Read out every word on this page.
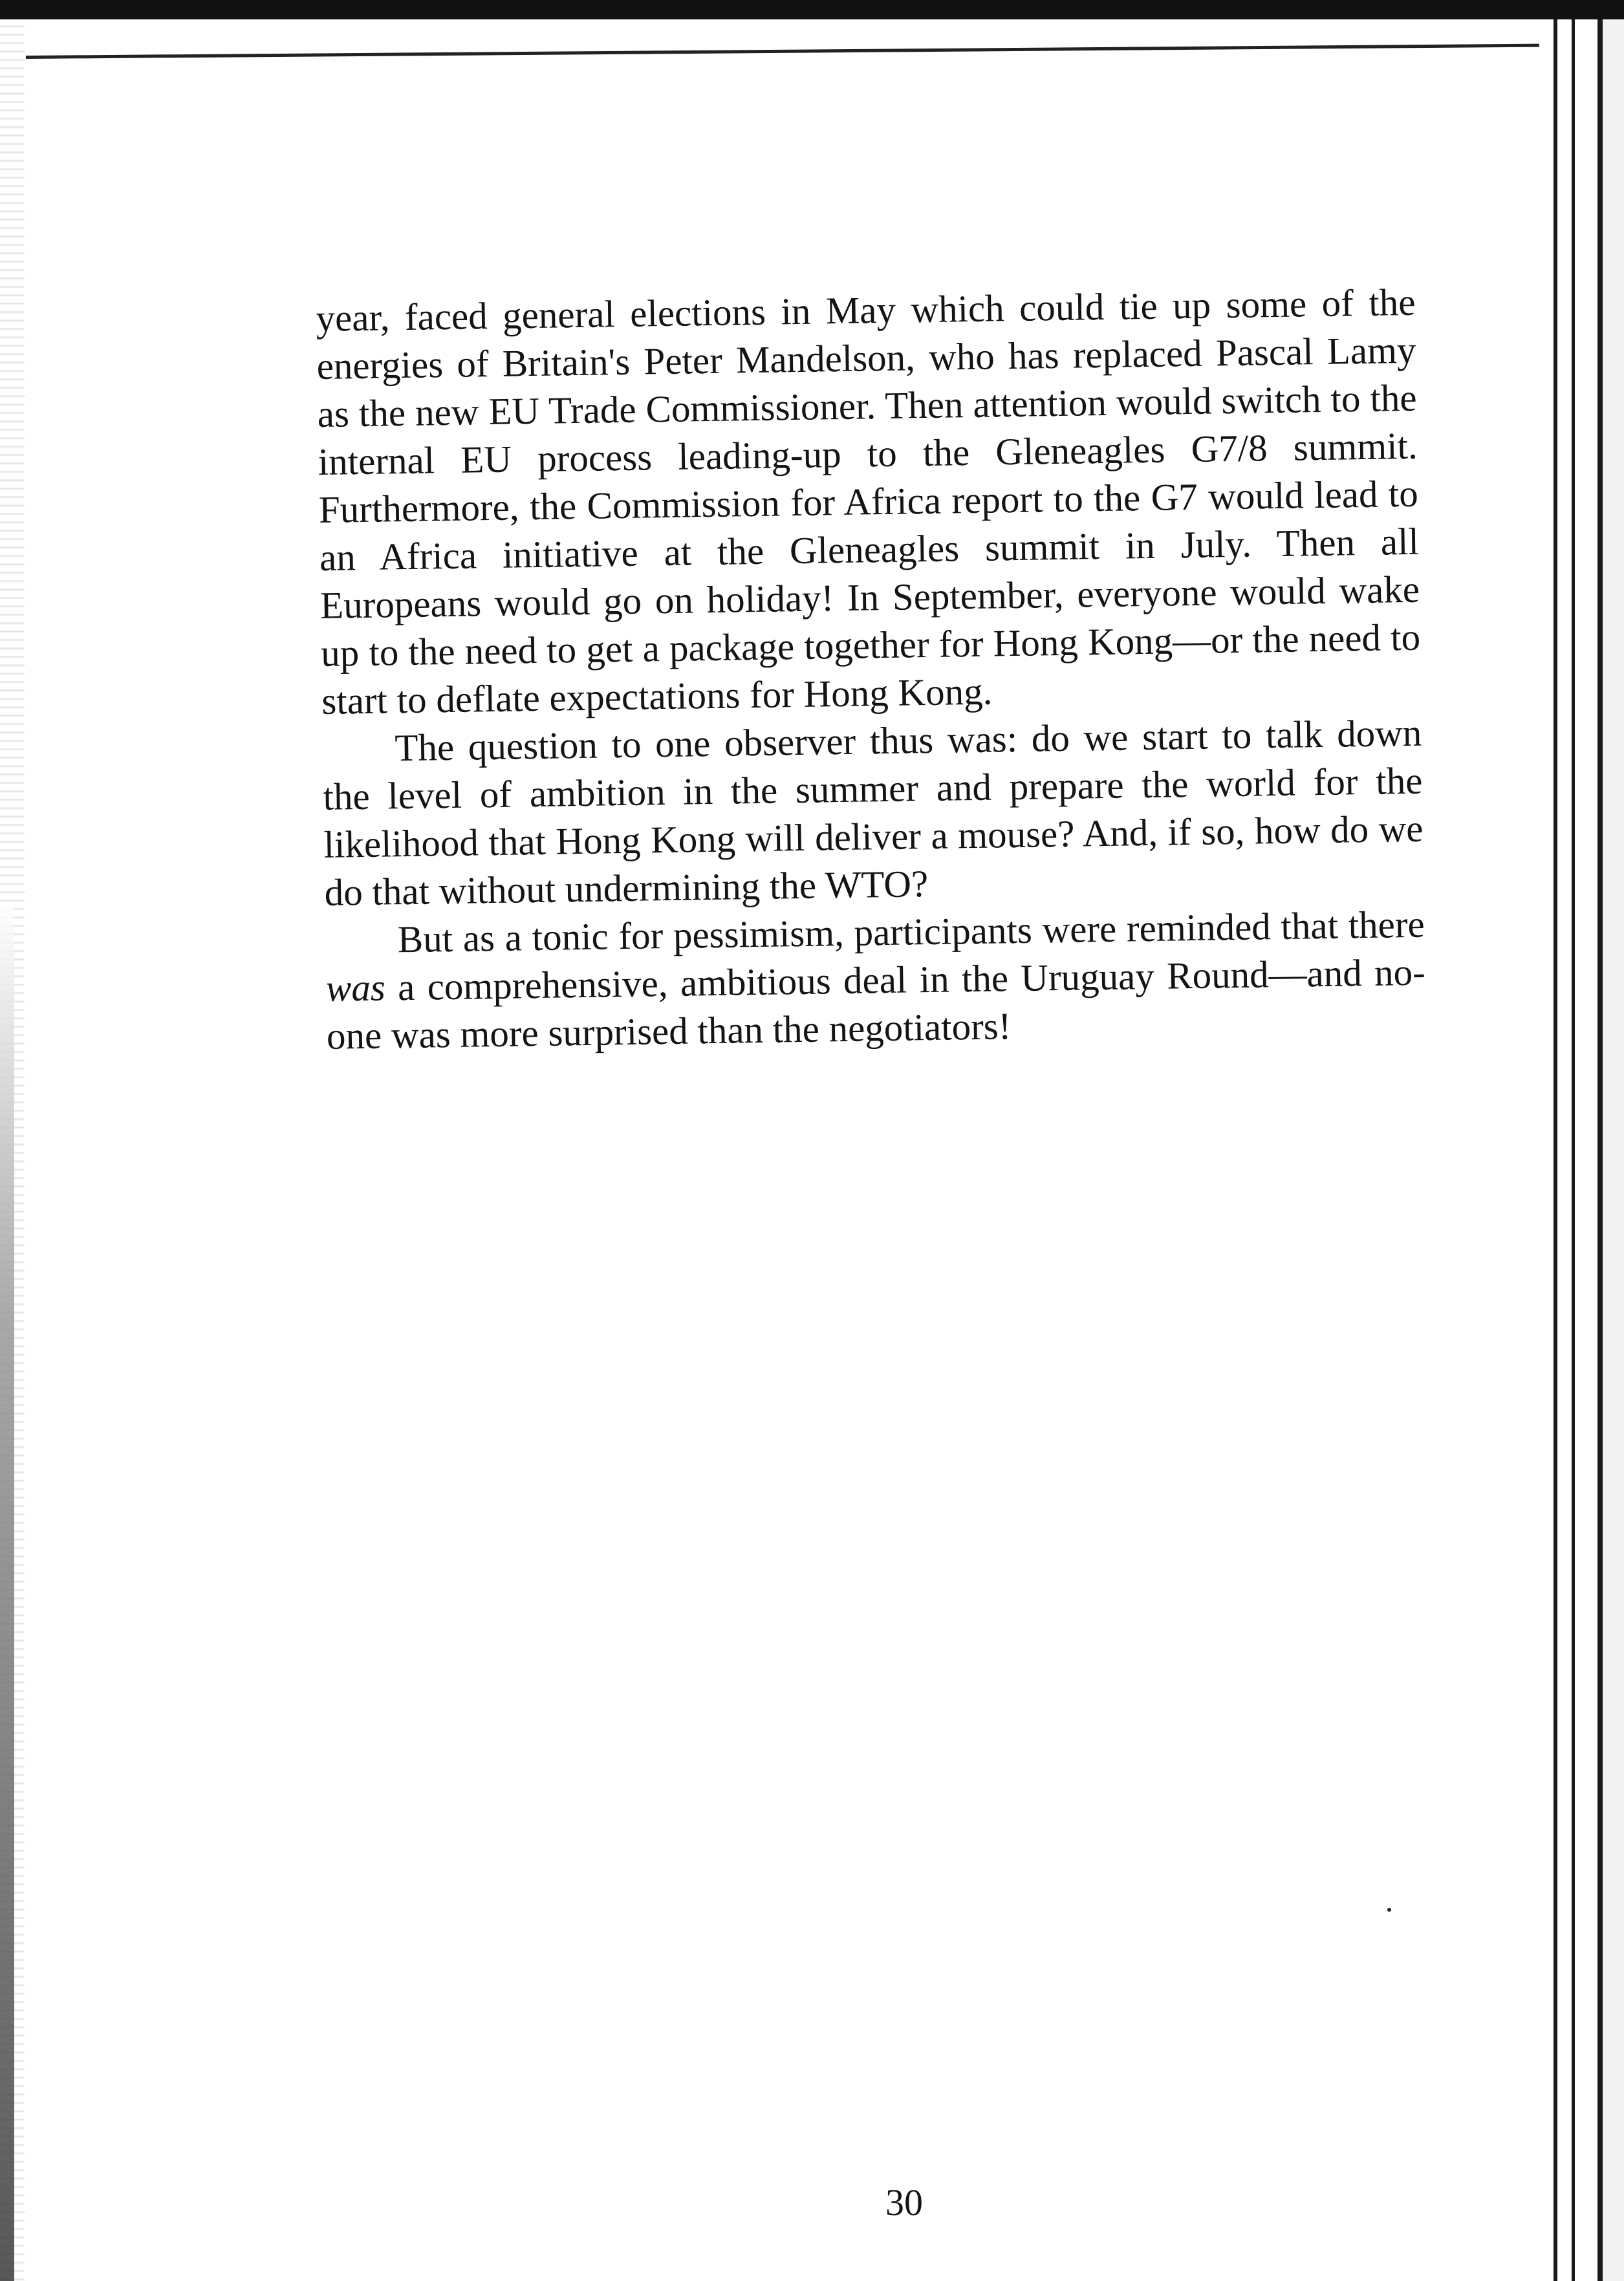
year, faced general elections in May which could tie up some of the energies of Britain's Peter Mandelson, who has replaced Pascal Lamy as the new EU Trade Commissioner. Then attention would switch to the internal EU process leading-up to the Gleneagles G7/8 summit. Furthermore, the Commission for Africa report to the G7 would lead to an Africa initiative at the Gleneagles summit in July. Then all Europeans would go on holiday! In September, everyone would wake up to the need to get a package together for Hong Kong—or the need to start to deflate expectations for Hong Kong.

The question to one observer thus was: do we start to talk down the level of ambition in the summer and prepare the world for the likelihood that Hong Kong will deliver a mouse? And, if so, how do we do that without undermining the WTO?

But as a tonic for pessimism, participants were reminded that there was a comprehensive, ambitious deal in the Uruguay Round—and no-one was more surprised than the negotiators!

30
